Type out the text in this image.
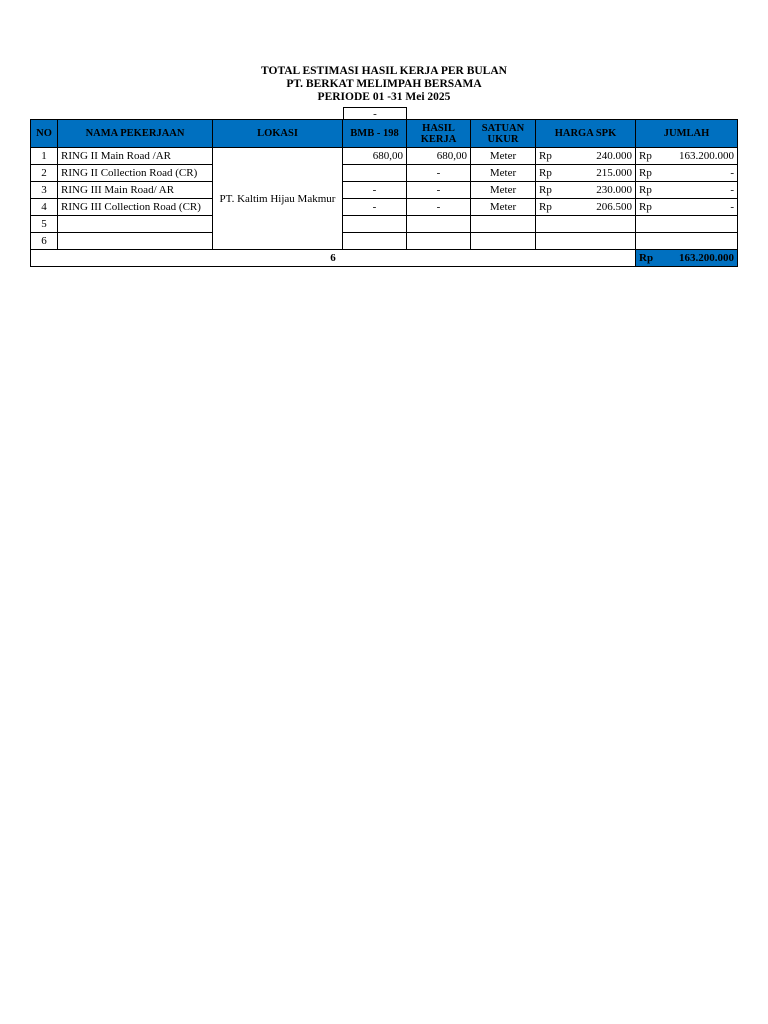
TOTAL ESTIMASI HASIL KERJA PER BULAN
PT. BERKAT MELIMPAH BERSAMA
PERIODE 01 -31 Mei 2025
-
NO	NAMA PEKERJAAN	LOKASI	BMB - 198	HASIL KERJA	SATUAN UKUR	HARGA SPK	JUMLAH
1	RING II Main Road /AR	PT. Kaltim Hijau Makmur	680,00	680,00	Meter	Rp 240.000	Rp 163.200.000

2	RING II Collection Road (CR)			-	Meter	Rp 215.000	Rp -

3	RING III Main Road/ AR		-	-	Meter	Rp 230.000	Rp -

4	RING III Collection Road (CR)		-	-	Meter	Rp 206.500	Rp -

5							
6							
6							Rp 163.200.000
